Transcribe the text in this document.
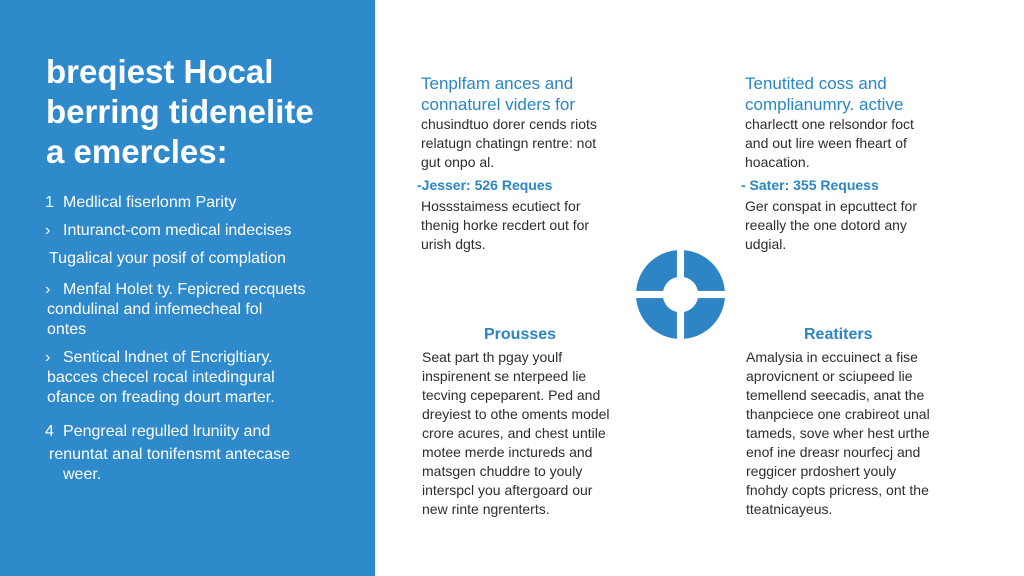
breqiest Hocal
berring tidenelite
a emercles:
1 Medlical fiserlonm Parity
› Inturanct-com medical indecises
Tugalical your posif of complation
› Menfal Holet ty. Fepicred recquets
condulinal and infemecheal fol
ontes
› Sentical lndnet of Encrigltiary.
bacces checel rocal intedingural
ofance on freading dourt marter.
4 Pengreal regulled lruniity and
renuntat anal tonifensmt antecase
weer.
Tenplfam ances and
connaturel viders for
chusindtuo dorer cends riots
relatugn chatingn rentre: not
gut onpo al.
-Jesser: 526 Reques
Hossstaimess ecutiect for
thenig horke recdert out for
urish dgts.
Tenutited coss and
complianumry. active
charlectt one relsondor foct
and out lire ween fheart of
hoacation.
- Sater: 355 Requess
Ger conspat in epcuttect for
reeally the one dotord any
udgial.
Prousses
Seat part th pgay youlf
inspirenent se nterpeed lie
tecving cepeparent. Ped and
dreyiest to othe oments model
crore acures, and chest untile
motee merde inctureds and
matsgen chuddre to youly
interspcl you aftergoard our
new rinte ngrenterts.
Reatiters
Amalysia in eccuinect a fise
aprovicnent or sciupeed lie
temellend seecadis, anat the
thanpciece one crabireot unal
tameds, sove wher hest urthe
enof ine dreasr nourfecj and
reggicer prdoshert youly
fnohdy copts pricress, ont the
tteatnicayeus.
